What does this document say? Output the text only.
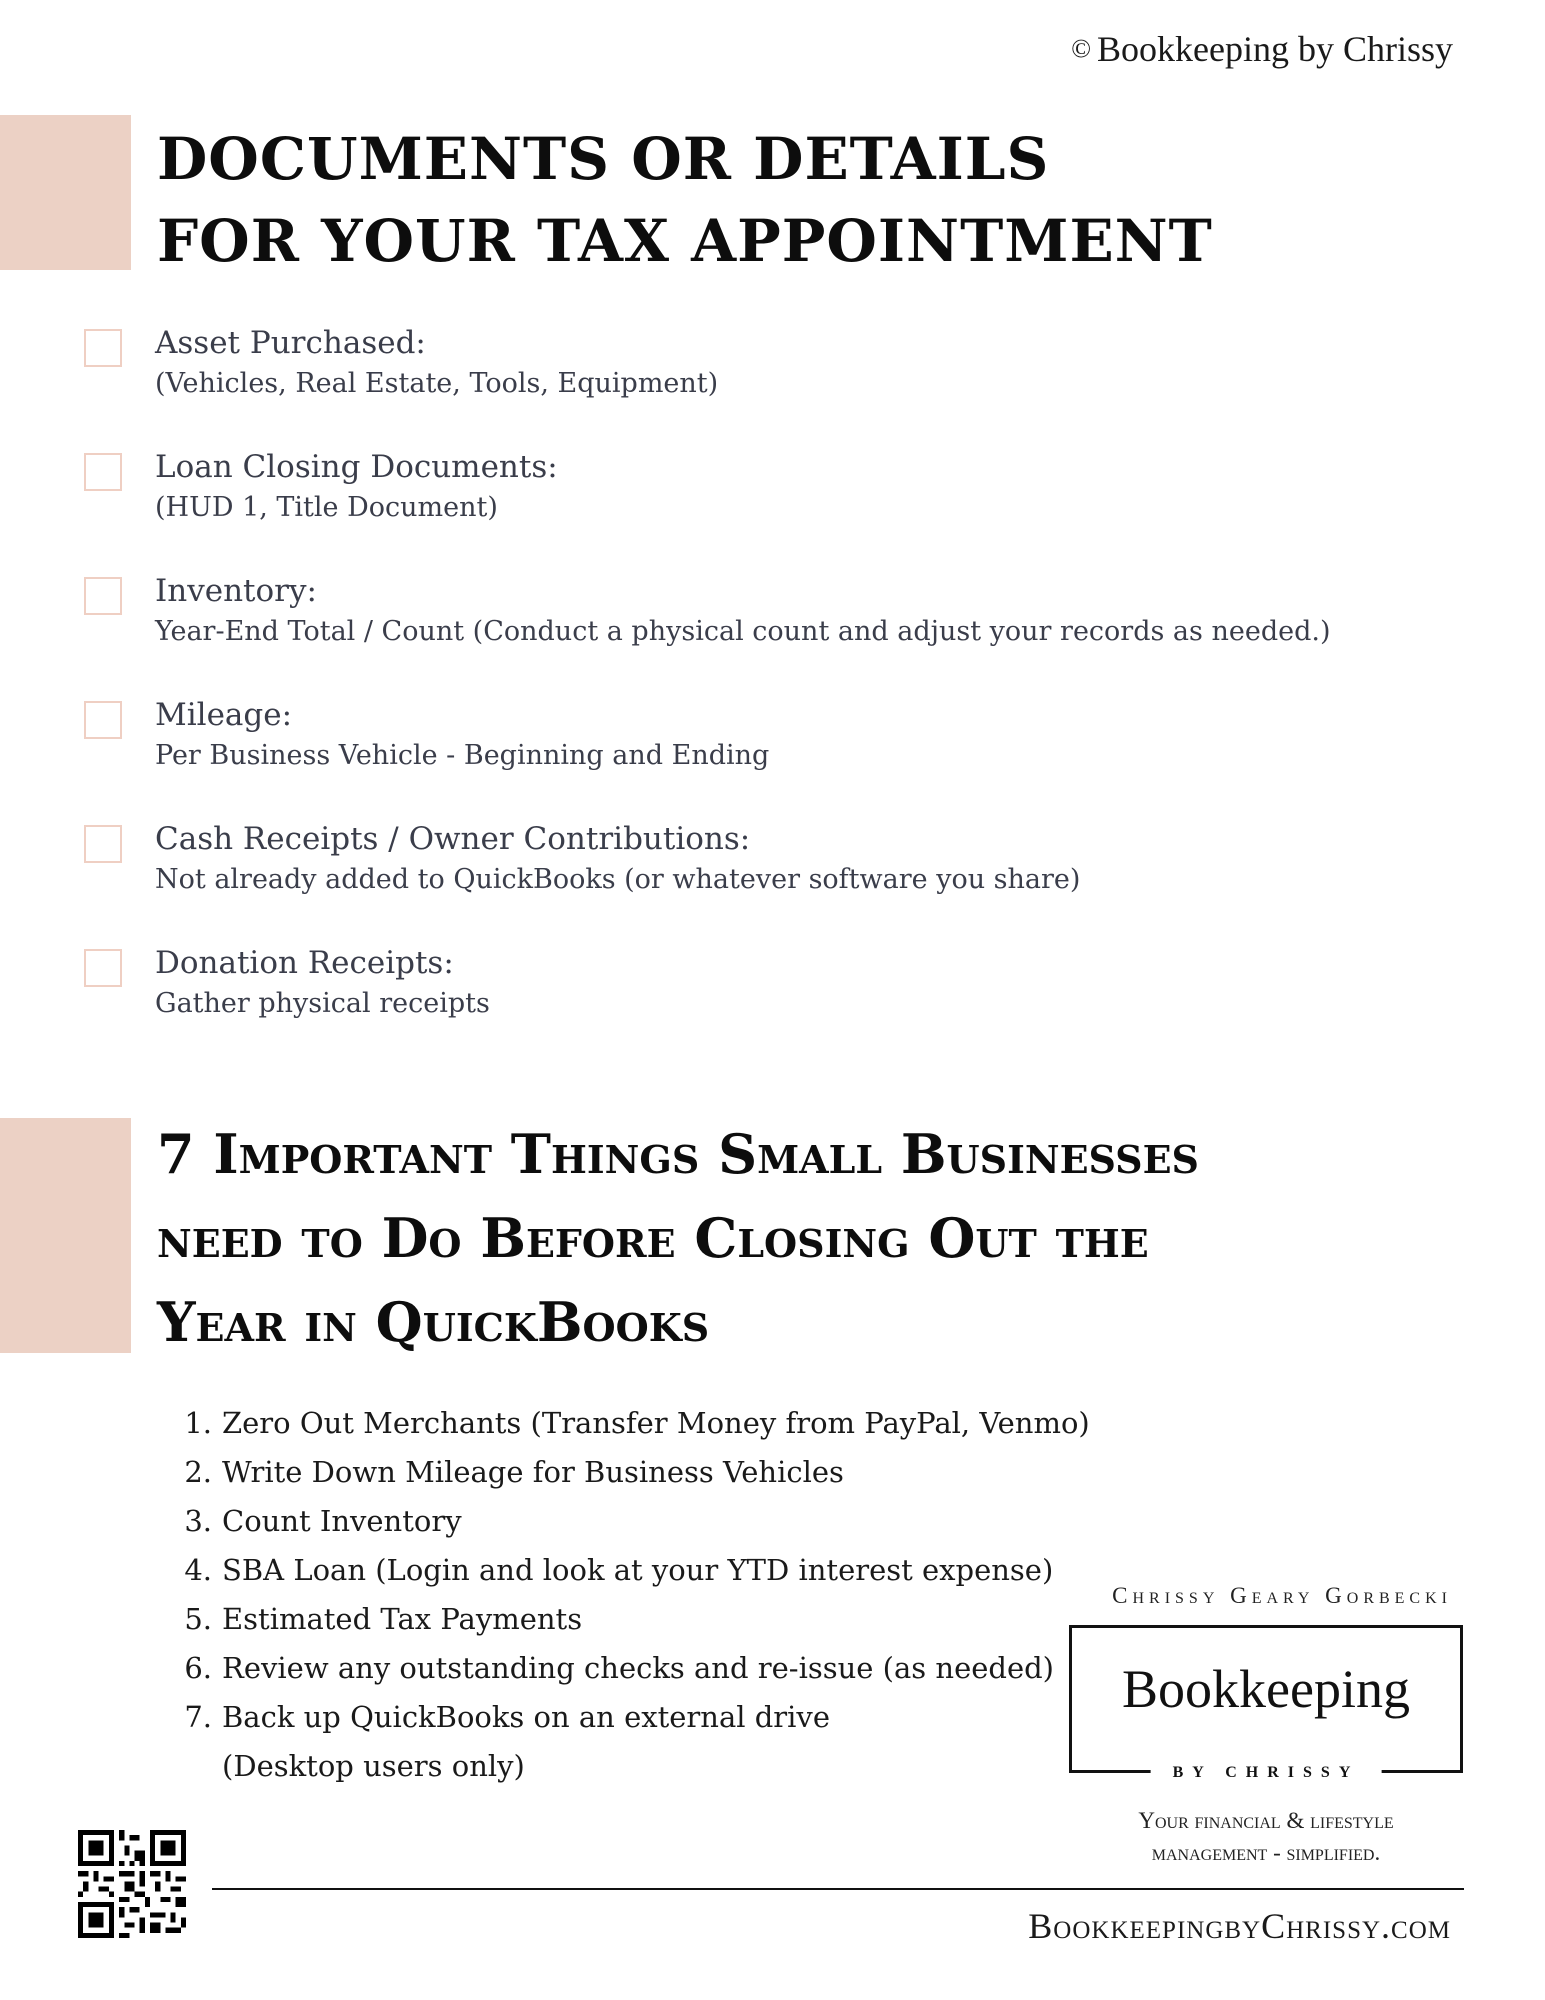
© Bookkeeping by Chrissy
DOCUMENTS OR DETAILS
FOR YOUR TAX APPOINTMENT
Asset Purchased:
(Vehicles, Real Estate, Tools, Equipment)
Loan Closing Documents:
(HUD 1, Title Document)
Inventory:
Year-End Total / Count (Conduct a physical count and adjust your records as needed.)
Mileage:
Per Business Vehicle - Beginning and Ending
Cash Receipts / Owner Contributions:
Not already added to QuickBooks (or whatever software you share)
Donation Receipts:
Gather physical receipts
7 Important Things Small Businesses
need to Do Before Closing Out the
Year in QuickBooks
1. Zero Out Merchants (Transfer Money from PayPal, Venmo)
2. Write Down Mileage for Business Vehicles
3. Count Inventory
4. SBA Loan (Login and look at your YTD interest expense)
5. Estimated Tax Payments
6. Review any outstanding checks and re-issue (as needed)
7. Back up QuickBooks on an external drive
(Desktop users only)
Chrissy Geary Gorbecki
Bookkeeping
BY CHRISSY
Your financial & lifestyle
management - simplified.
BookkeepingbyChrissy.com
